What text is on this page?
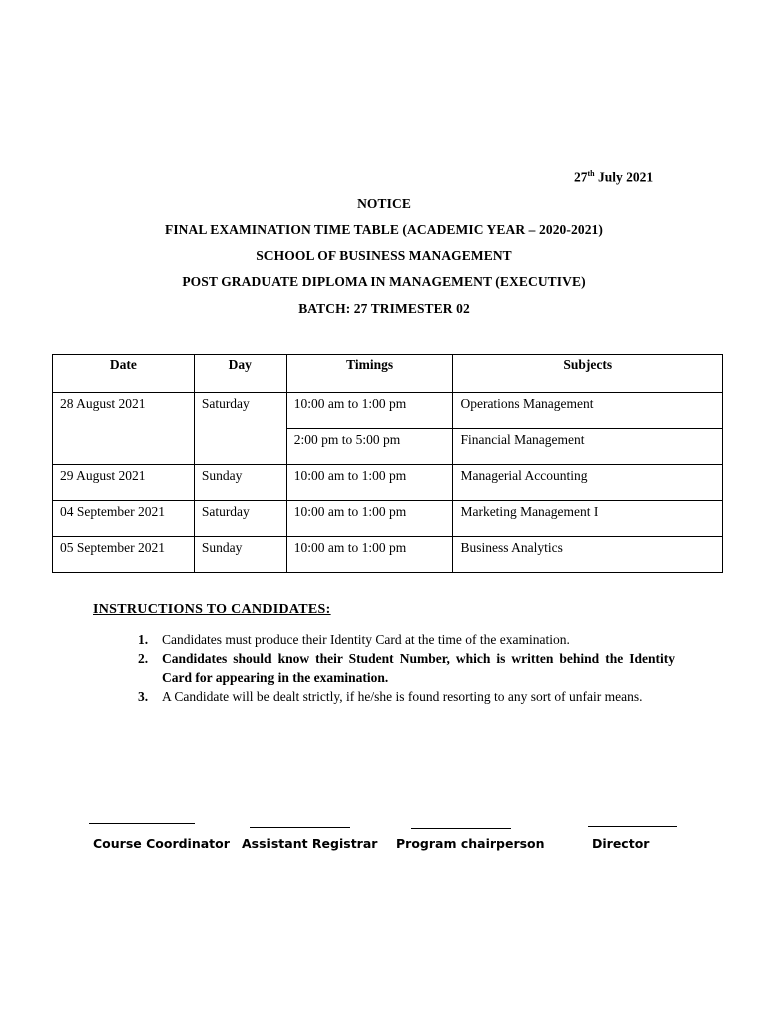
27th July 2021
NOTICE
FINAL EXAMINATION TIME TABLE (ACADEMIC YEAR – 2020-2021)
SCHOOL OF BUSINESS MANAGEMENT
POST GRADUATE DIPLOMA IN MANAGEMENT (EXECUTIVE)
BATCH: 27 TRIMESTER 02
Date	Day	Timings	Subjects
28 August 2021	Saturday	10:00 am to 1:00 pm	Operations Management
		2:00 pm to 5:00 pm	Financial Management
29 August 2021	Sunday	10:00 am to 1:00 pm	Managerial Accounting
04 September 2021	Saturday	10:00 am to 1:00 pm	Marketing Management I
05 September 2021	Sunday	10:00 am to 1:00 pm	Business Analytics
INSTRUCTIONS TO CANDIDATES:
1. Candidates must produce their Identity Card at the time of the examination.
2. Candidates should know their Student Number, which is written behind the Identity Card for appearing in the examination.
3. A Candidate will be dealt strictly, if he/she is found resorting to any sort of unfair means.
Course Coordinator Assistant Registrar Program chairperson	Director
